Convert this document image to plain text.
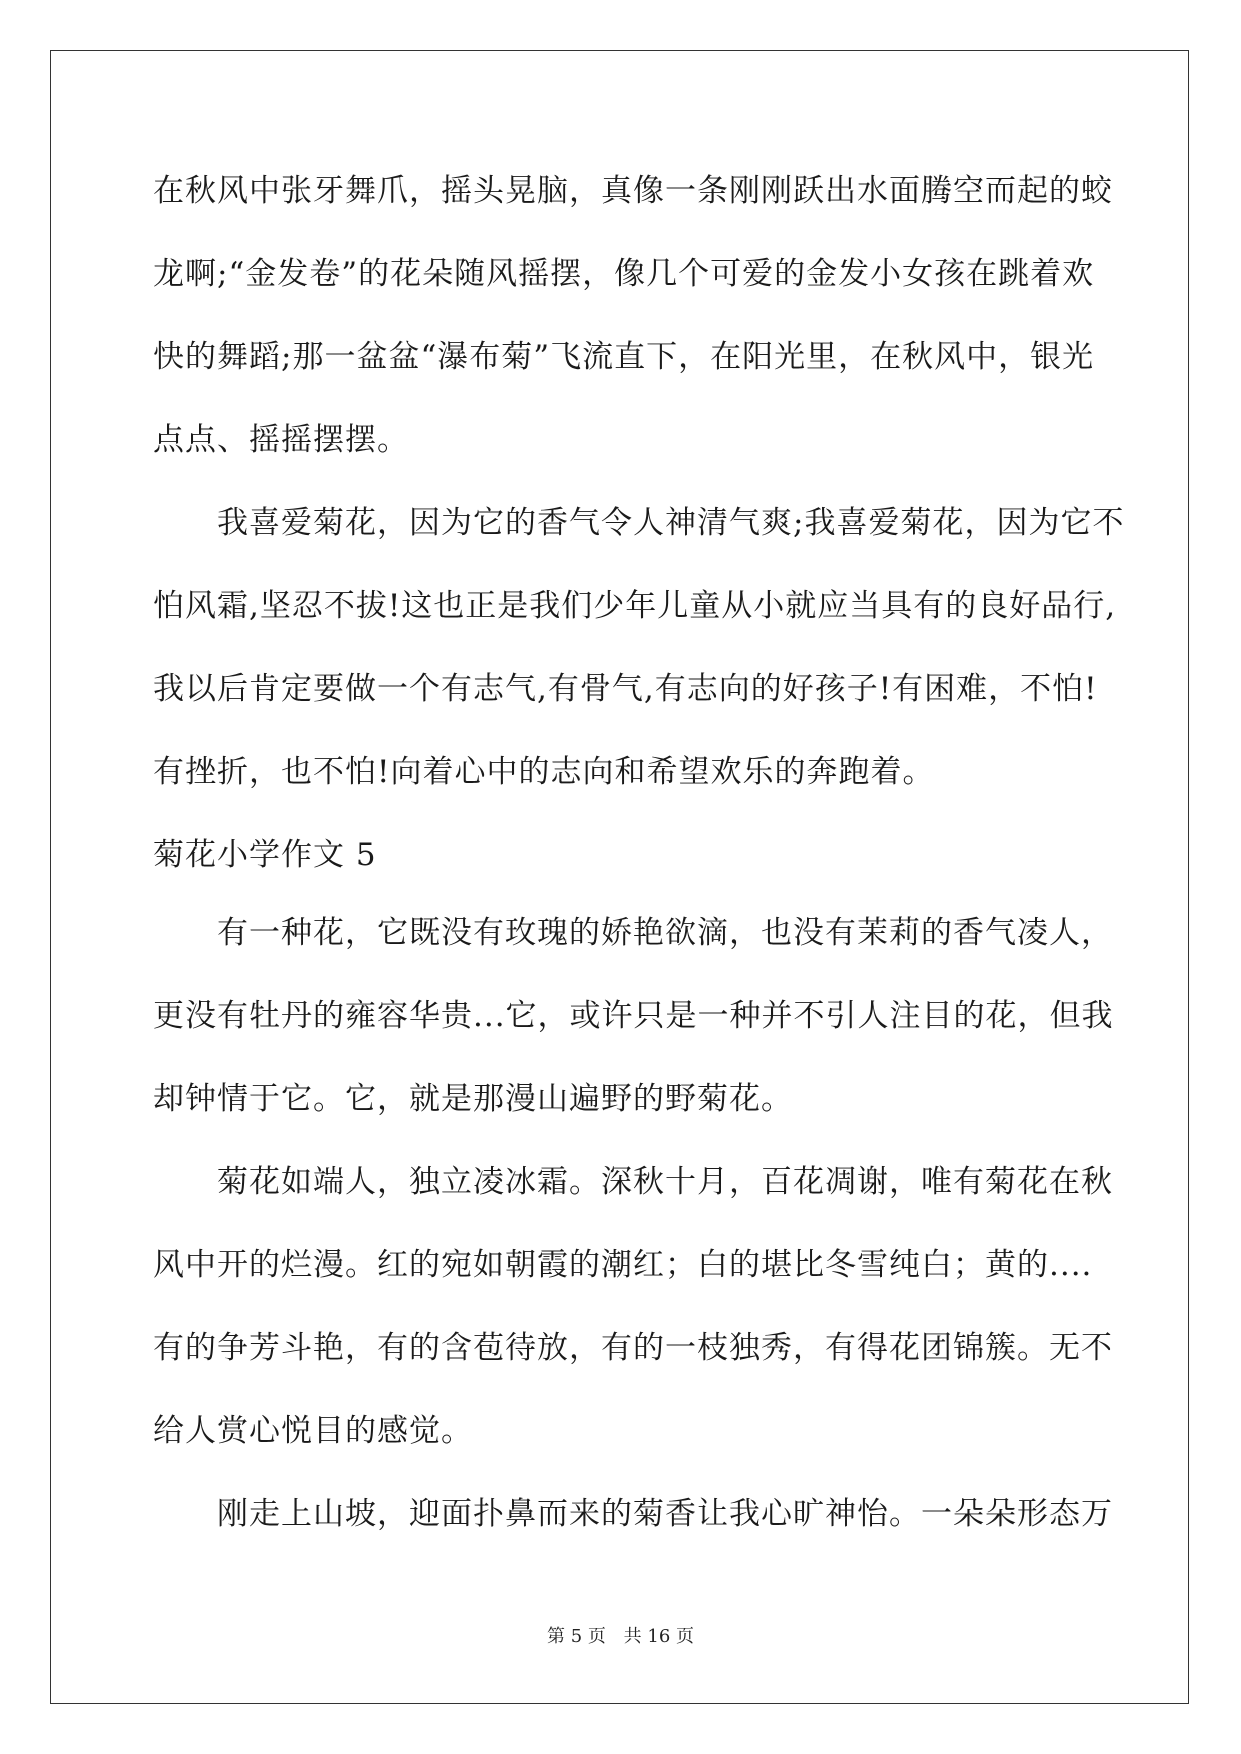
在秋风中张牙舞爪，摇头晃脑，真像一条刚刚跃出水面腾空而起的蛟
龙啊;“金发卷”的花朵随风摇摆，像几个可爱的金发小女孩在跳着欢
快的舞蹈;那一盆盆“瀑布菊”飞流直下，在阳光里，在秋风中，银光
点点、摇摇摆摆。
　　我喜爱菊花，因为它的香气令人神清气爽;我喜爱菊花，因为它不
怕风霜,坚忍不拔!这也正是我们少年儿童从小就应当具有的良好品行,
我以后肯定要做一个有志气,有骨气,有志向的好孩子!有困难，不怕!
有挫折，也不怕!向着心中的志向和希望欢乐的奔跑着。
菊花小学作文 5
　　有一种花，它既没有玫瑰的娇艳欲滴，也没有茉莉的香气凌人，
更没有牡丹的雍容华贵...它，或许只是一种并不引人注目的花，但我
却钟情于它。它，就是那漫山遍野的野菊花。
　　菊花如端人，独立凌冰霜。深秋十月，百花凋谢，唯有菊花在秋
风中开的烂漫。红的宛如朝霞的潮红；白的堪比冬雪纯白；黄的....
有的争芳斗艳，有的含苞待放，有的一枝独秀，有得花团锦簇。无不
给人赏心悦目的感觉。
　　刚走上山坡，迎面扑鼻而来的菊香让我心旷神怡。一朵朵形态万
第 5 页 共 16 页
